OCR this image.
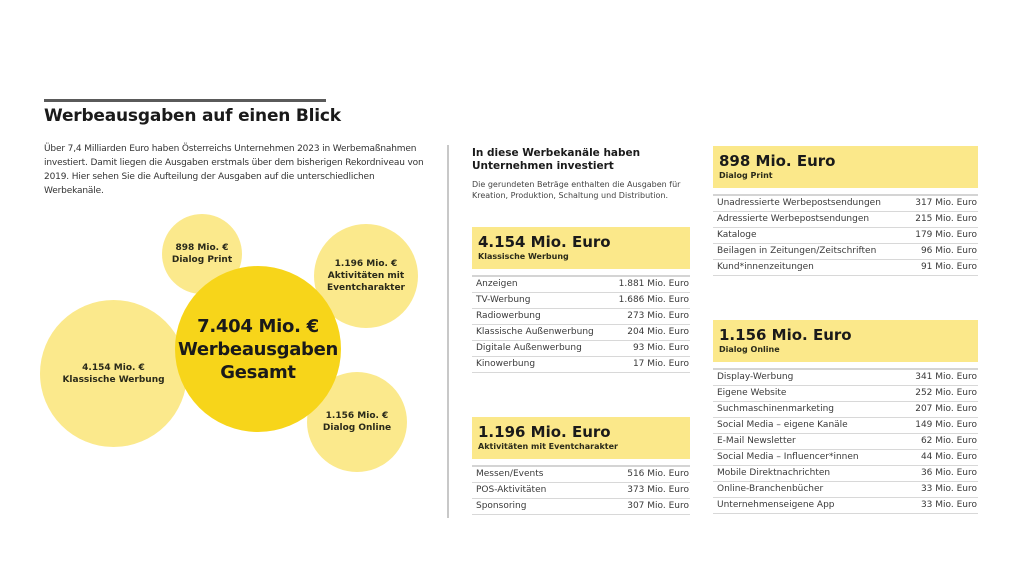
Werbeausgaben auf einen Blick
Über 7,4 Milliarden Euro haben Österreichs Unternehmen 2023 in Werbemaßnahmen investiert. Damit liegen die Ausgaben erstmals über dem bisherigen Rekordniveau von 2019. Hier sehen Sie die Aufteilung der Ausgaben auf die unterschiedlichen Werbekanäle.
4.154 Mio. €
Klassische Werbung
898 Mio. €
Dialog Print	1.196 Mio. €
Aktivitäten mit
Eventcharakter
1.156 Mio. €
Dialog Online
7.404 Mio. €
Werbeausgaben
Gesamt
In diese Werbekanäle haben
Unternehmen investiert
Die gerundeten Beträge enthalten die Ausgaben für
Kreation, Produktion, Schaltung und Distribution.
4.154 Mio. Euro
Klassische Werbung
Anzeigen	1.881 Mio. Euro
TV-Werbung	1.686 Mio. Euro
Radiowerbung	273 Mio. Euro
Klassische Außenwerbung	204 Mio. Euro
Digitale Außenwerbung	93 Mio. Euro
Kinowerbung	17 Mio. Euro
1.196 Mio. Euro
Aktivitäten mit Eventcharakter
Messen/Events	516 Mio. Euro
POS-Aktivitäten	373 Mio. Euro
Sponsoring	307 Mio. Euro
898 Mio. Euro
Dialog Print
Unadressierte Werbepostsendungen	317 Mio. Euro
Adressierte Werbepostsendungen	215 Mio. Euro
Kataloge	179 Mio. Euro
Beilagen in Zeitungen/Zeitschriften	96 Mio. Euro
Kund*innenzeitungen	91 Mio. Euro
1.156 Mio. Euro
Dialog Online
Display-Werbung	341 Mio. Euro
Eigene Website	252 Mio. Euro
Suchmaschinenmarketing	207 Mio. Euro
Social Media – eigene Kanäle	149 Mio. Euro
E-Mail Newsletter	62 Mio. Euro
Social Media – Influencer*innen	44 Mio. Euro
Mobile Direktnachrichten	36 Mio. Euro
Online-Branchenbücher	33 Mio. Euro
Unternehmenseigene App	33 Mio. Euro
